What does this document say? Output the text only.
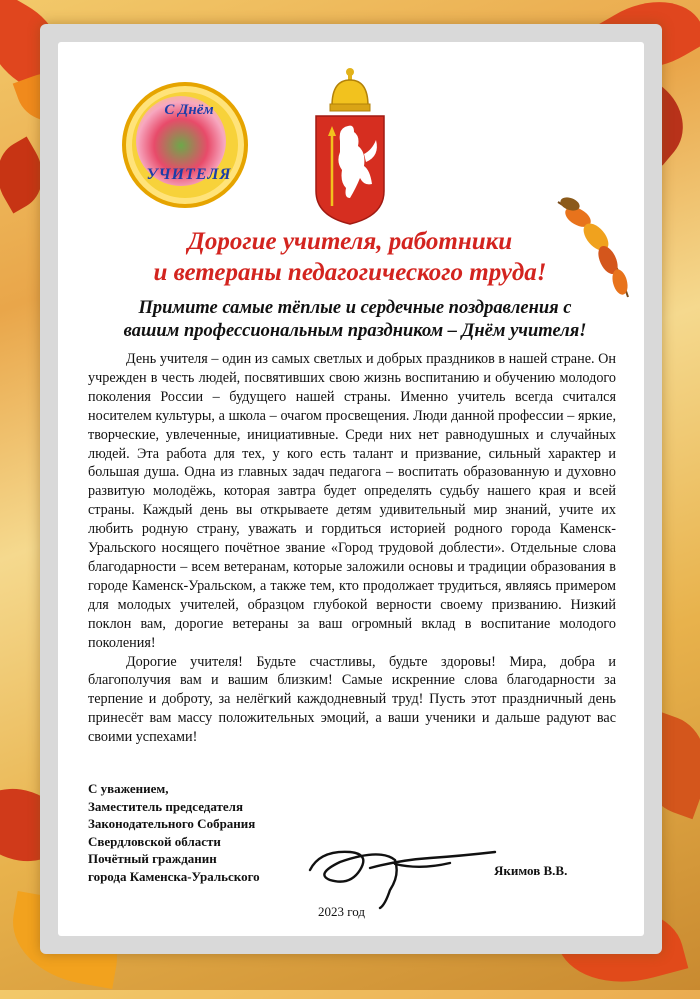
С Днём
УЧИТЕЛЯ
Дорогие учителя, работники
и ветераны педагогического труда!
Примите самые тёплые и сердечные поздравления с
вашим профессиональным праздником – Днём учителя!

День учителя – один из самых светлых и добрых праздников в нашей стране. Он учрежден в честь людей, посвятивших свою жизнь воспитанию и обучению молодого поколения России – будущего нашей страны. Именно учитель всегда считался носителем культуры, а школа – очагом просвещения. Люди данной профессии – яркие, творческие, увлеченные, инициативные. Среди них нет равнодушных и случайных людей. Эта работа для тех, у кого есть талант и призвание, сильный характер и большая душа. Одна из главных задач педагога – воспитать образованную и духовно развитую молодёжь, которая завтра будет определять судьбу нашего края и всей страны. Каждый день вы открываете детям удивительный мир знаний, учите их любить родную страну, уважать и гордиться историей родного города Каменск-Уральского носящего почётное звание «Город трудовой доблести». Отдельные слова благодарности – всем ветеранам, которые заложили основы и традиции образования в городе Каменск-Уральском, а также тем, кто продолжает трудиться, являясь примером для молодых учителей, образцом глубокой верности своему призванию. Низкий поклон вам, дорогие ветераны за ваш огромный вклад в воспитание молодого поколения!

Дорогие учителя! Будьте счастливы, будьте здоровы! Мира, добра и благополучия вам и вашим близким! Самые искренние слова благодарности за терпение и доброту, за нелёгкий каждодневный труд! Пусть этот праздничный день принесёт вам массу положительных эмоций, а ваши ученики и дальше радуют вас своими успехами!

С уважением,
Заместитель председателя
Законодательного Собрания
Свердловской области
Почётный гражданин
города Каменска-Уральского	Якимов В.В.
2023 год
